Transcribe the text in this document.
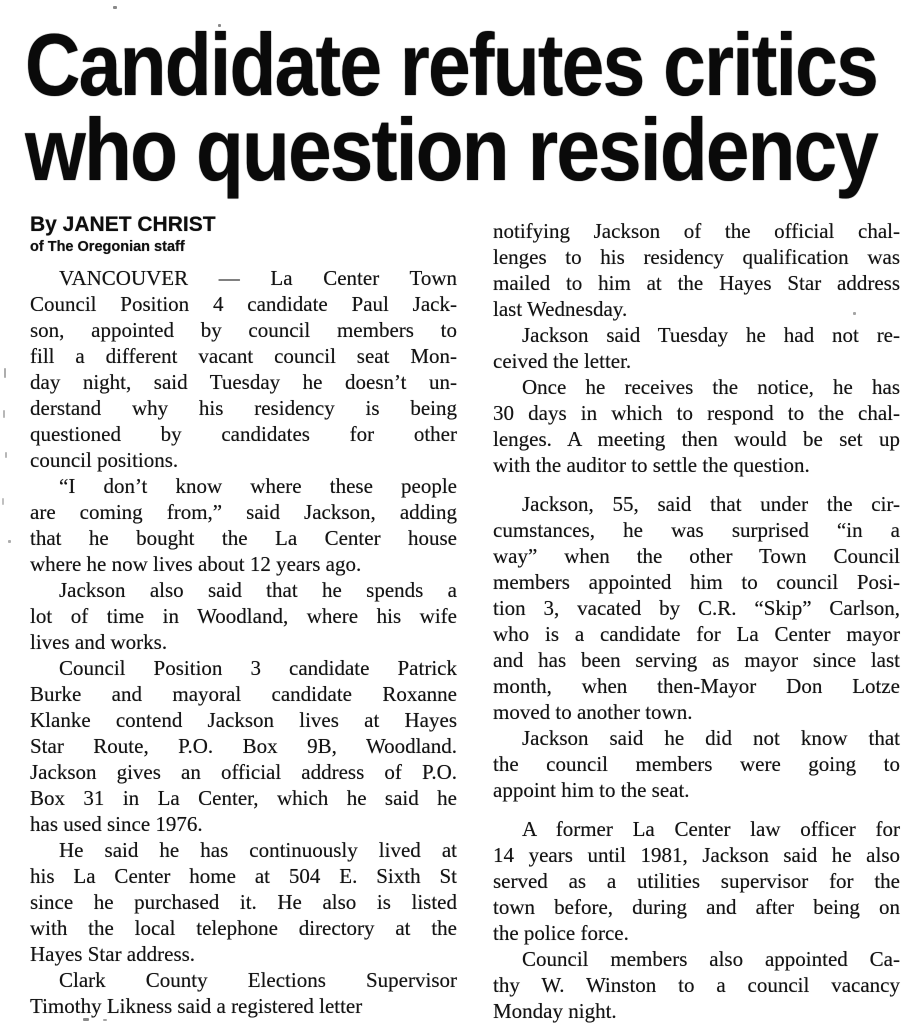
Candidate refutes critics
who question residency
By JANET CHRIST
of The Oregonian staff
VANCOUVER — La Center Town
Council Position 4 candidate Paul Jack-
son, appointed by council members to
fill a different vacant council seat Mon-
day night, said Tuesday he doesn’t un-
derstand why his residency is being
questioned by candidates for other
council positions.
“I don’t know where these people
are coming from,” said Jackson, adding
that he bought the La Center house
where he now lives about 12 years ago.
Jackson also said that he spends a
lot of time in Woodland, where his wife
lives and works.
Council Position 3 candidate Patrick
Burke and mayoral candidate Roxanne
Klanke contend Jackson lives at Hayes
Star Route, P.O. Box 9B, Woodland.
Jackson gives an official address of P.O.
Box 31 in La Center, which he said he
has used since 1976.
He said he has continuously lived at
his La Center home at 504 E. Sixth St
since he purchased it. He also is listed
with the local telephone directory at the
Hayes Star address.
Clark County Elections Supervisor
Timothy Likness said a registered letter
notifying Jackson of the official chal-
lenges to his residency qualification was
mailed to him at the Hayes Star address
last Wednesday.
Jackson said Tuesday he had not re-
ceived the letter.
Once he receives the notice, he has
30 days in which to respond to the chal-
lenges. A meeting then would be set up
with the auditor to settle the question.
Jackson, 55, said that under the cir-
cumstances, he was surprised “in a
way” when the other Town Council
members appointed him to council Posi-
tion 3, vacated by C.R. “Skip” Carlson,
who is a candidate for La Center mayor
and has been serving as mayor since last
month, when then-Mayor Don Lotze
moved to another town.
Jackson said he did not know that
the council members were going to
appoint him to the seat.
A former La Center law officer for
14 years until 1981, Jackson said he also
served as a utilities supervisor for the
town before, during and after being on
the police force.
Council members also appointed Ca-
thy W. Winston to a council vacancy
Monday night.
